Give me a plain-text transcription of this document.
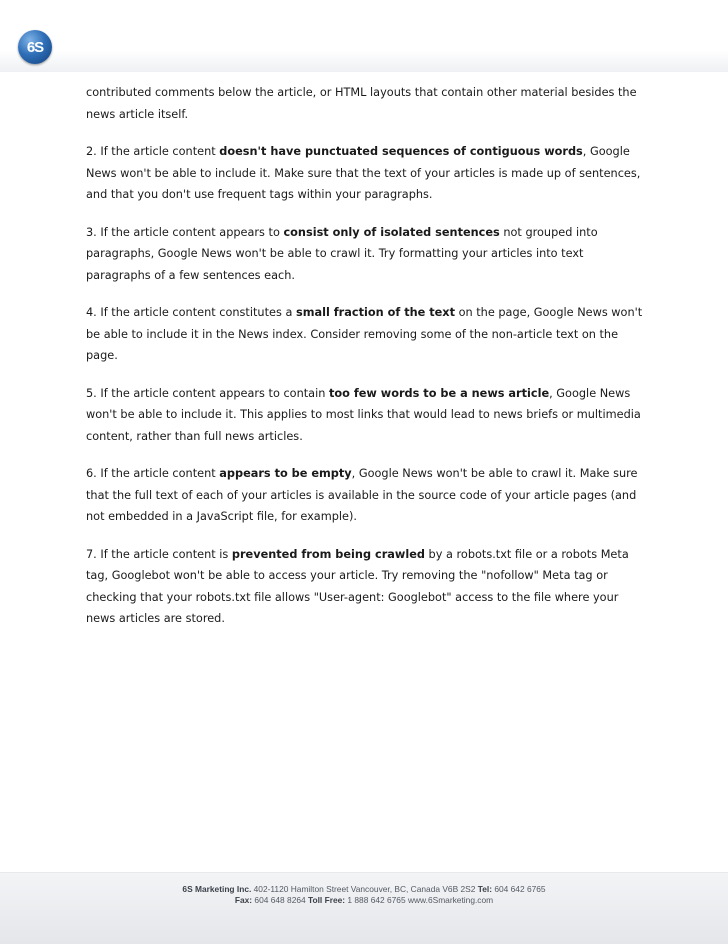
6S

contributed comments below the article, or HTML layouts that contain other material besides the news article itself.

2. If the article content doesn't have punctuated sequences of contiguous words, Google News won't be able to include it. Make sure that the text of your articles is made up of sentences, and that you don't use frequent tags within your paragraphs.

3. If the article content appears to consist only of isolated sentences not grouped into paragraphs, Google News won't be able to crawl it. Try formatting your articles into text paragraphs of a few sentences each.

4. If the article content constitutes a small fraction of the text on the page, Google News won't be able to include it in the News index. Consider removing some of the non-article text on the page.

5. If the article content appears to contain too few words to be a news article, Google News won't be able to include it. This applies to most links that would lead to news briefs or multimedia content, rather than full news articles.

6. If the article content appears to be empty, Google News won't be able to crawl it. Make sure that the full text of each of your articles is available in the source code of your article pages (and not embedded in a JavaScript file, for example).

7. If the article content is prevented from being crawled by a robots.txt file or a robots Meta tag, Googlebot won't be able to access your article. Try removing the "nofollow" Meta tag or checking that your robots.txt file allows "User-agent: Googlebot" access to the file where your news articles are stored.

6S Marketing Inc. 402-1120 Hamilton Street Vancouver, BC, Canada V6B 2S2 Tel: 604 642 6765
Fax: 604 648 8264 Toll Free: 1 888 642 6765 www.6Smarketing.com
